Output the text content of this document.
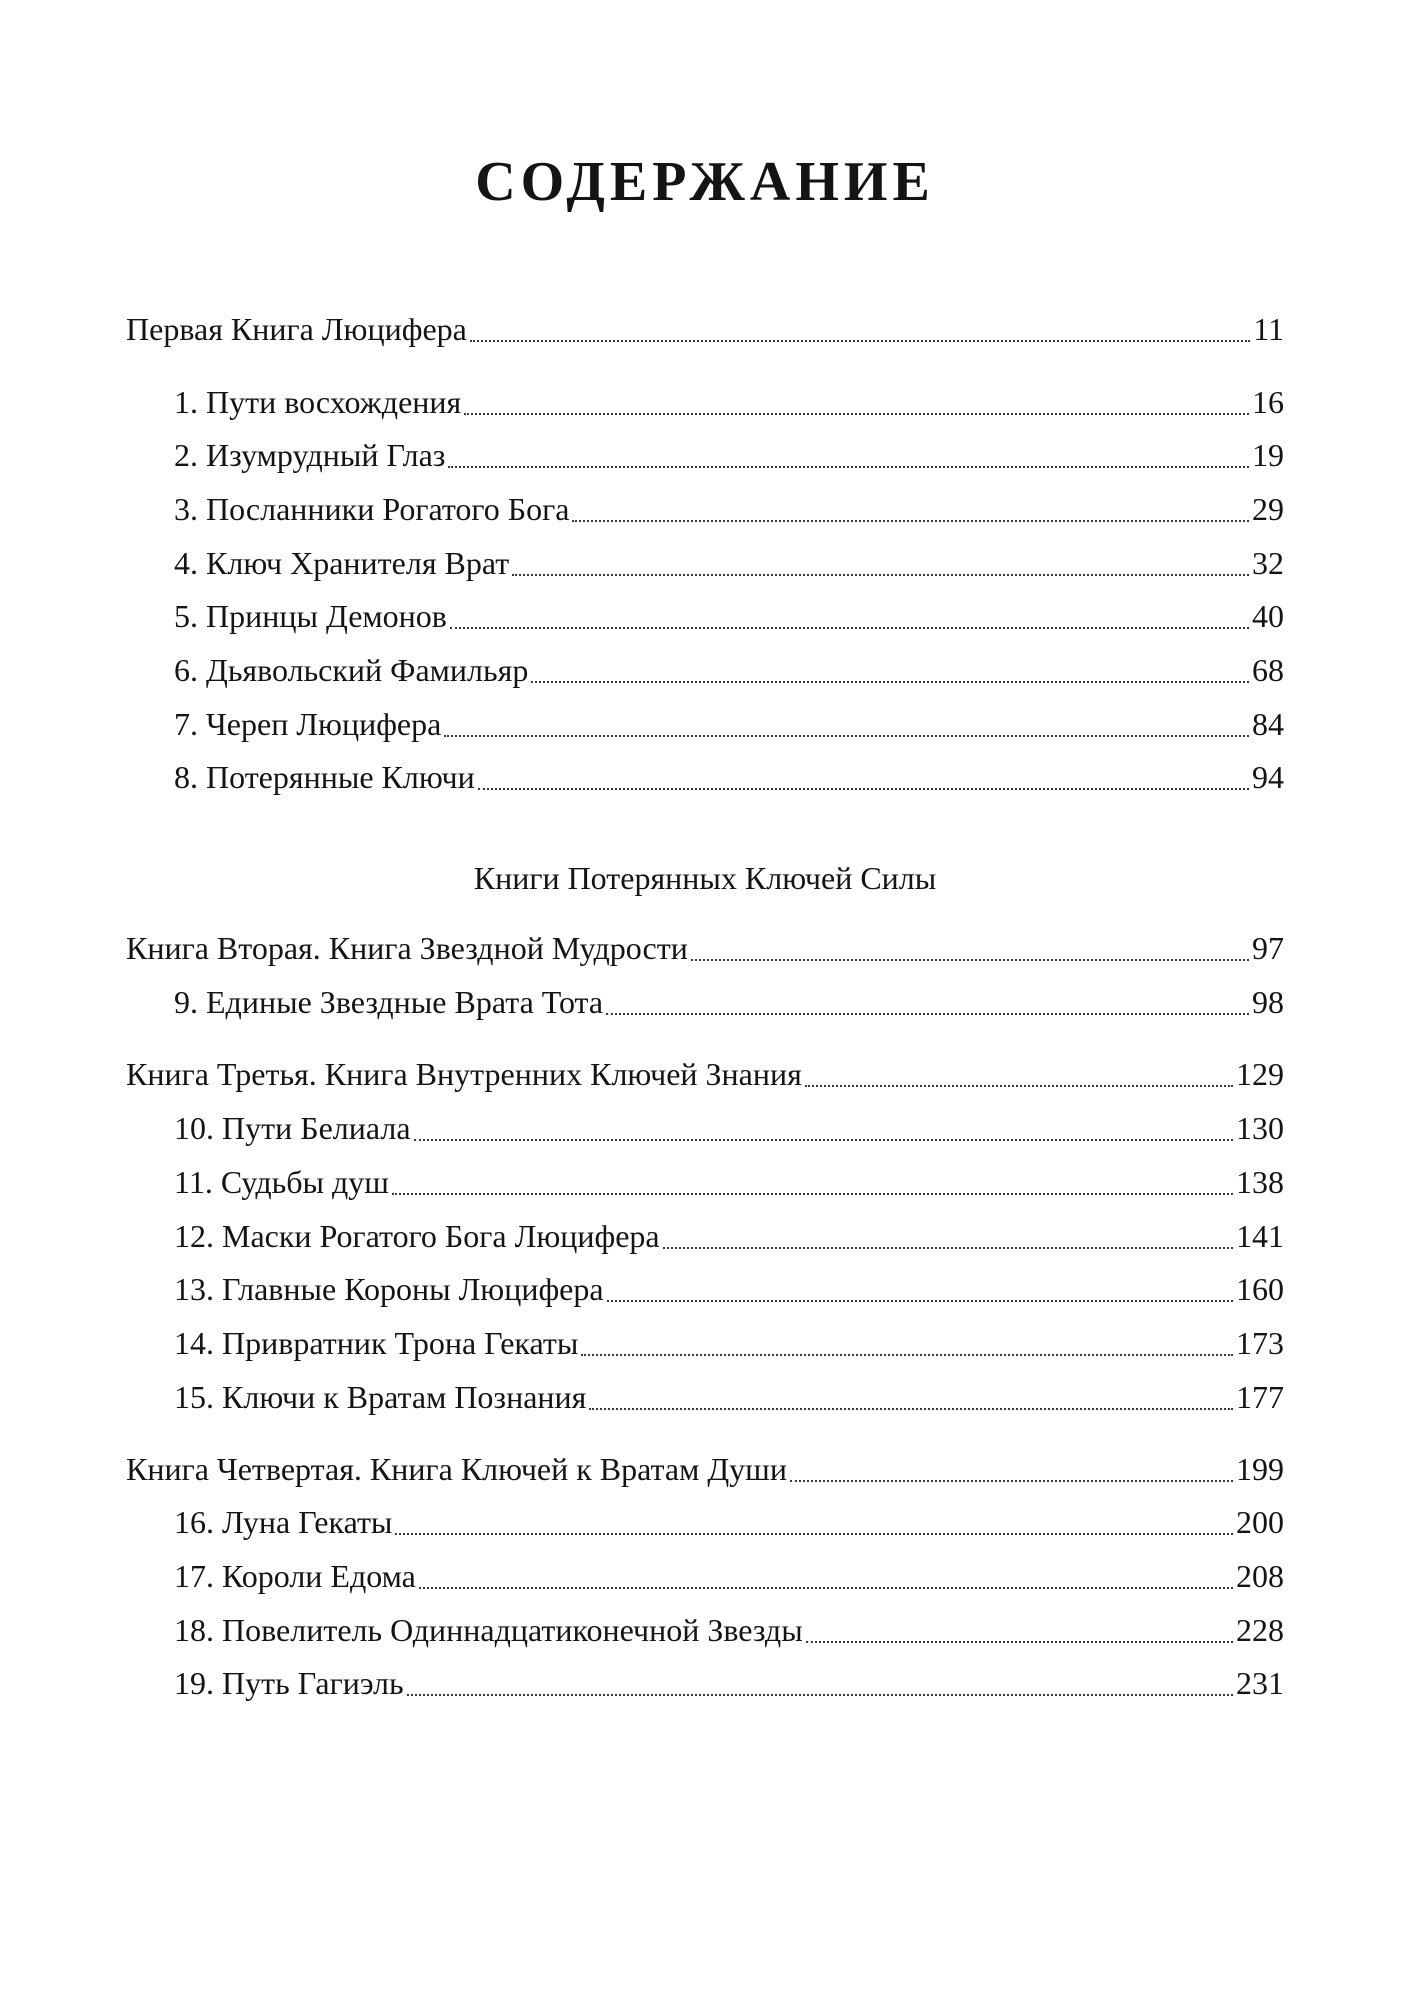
СОДЕРЖАНИЕ
Первая Книга Люцифера	11
1. Пути восхождения	16
2. Изумрудный Глаз	19
3. Посланники Рогатого Бога	29
4. Ключ Хранителя Врат	32
5. Принцы Демонов	40
6. Дьявольский Фамильяр	68
7. Череп Люцифера	84
8. Потерянные Ключи	94
Книга Вторая. Книга Звездной Мудрости	97
9. Единые Звездные Врата Тота	98
Книга Третья. Книга Внутренних Ключей Знания	129
10. Пути Белиала	130
11. Судьбы душ	138
12. Маски Рогатого Бога Люцифера	141
13. Главные Короны Люцифера	160
14. Привратник Трона Гекаты	173
15. Ключи к Вратам Познания	177
Книга Четвертая. Книга Ключей к Вратам Души	199
16. Луна Гекаты	200
17. Короли Едома	208
18. Повелитель Одиннадцатиконечной Звезды	228
19. Путь Гагиэль	231
Книги Потерянных Ключей Силы
